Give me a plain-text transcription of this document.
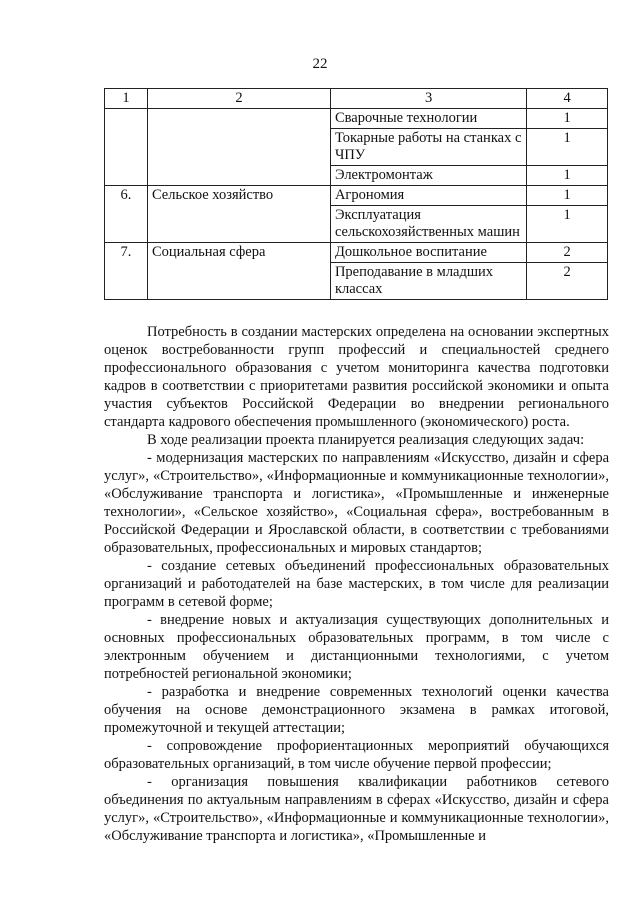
22
1	2	3	4
		Сварочные технологии	1
		Токарные работы на станках с ЧПУ	1
		Электромонтаж	1
6.	Сельское хозяйство	Агрономия	1
		Эксплуатация сельскохозяйственных машин	1
7.	Социальная сфера	Дошкольное воспитание	2
		Преподавание в младших классах	2

Потребность в создании мастерских определена на основании экспертных оценок востребованности групп профессий и специальностей среднего профессионального образования с учетом мониторинга качества подготовки кадров в соответствии с приоритетами развития российской экономики и опыта участия субъектов Российской Федерации во внедрении регионального стандарта кадрового обеспечения промышленного (экономического) роста.

В ходе реализации проекта планируется реализация следующих задач:

- модернизация мастерских по направлениям «Искусство, дизайн и сфера услуг», «Строительство», «Информационные и коммуникационные технологии», «Обслуживание транспорта и логистика», «Промышленные и инженерные технологии», «Сельское хозяйство», «Социальная сфера», востребованным в Российской Федерации и Ярославской области, в соответствии с требованиями образовательных, профессиональных и мировых стандартов;

- создание сетевых объединений профессиональных образовательных организаций и работодателей на базе мастерских, в том числе для реализации программ в сетевой форме;

- внедрение новых и актуализация существующих дополнительных и основных профессиональных образовательных программ, в том числе с электронным обучением и дистанционными технологиями, с учетом потребностей региональной экономики;

- разработка и внедрение современных технологий оценки качества обучения на основе демонстрационного экзамена в рамках итоговой, промежуточной и текущей аттестации;

- сопровождение профориентационных мероприятий обучающихся образовательных организаций, в том числе обучение первой профессии;

- организация повышения квалификации работников сетевого объединения по актуальным направлениям в сферах «Искусство, дизайн и сфера услуг», «Строительство», «Информационные и коммуникационные технологии», «Обслуживание транспорта и логистика», «Промышленные и
